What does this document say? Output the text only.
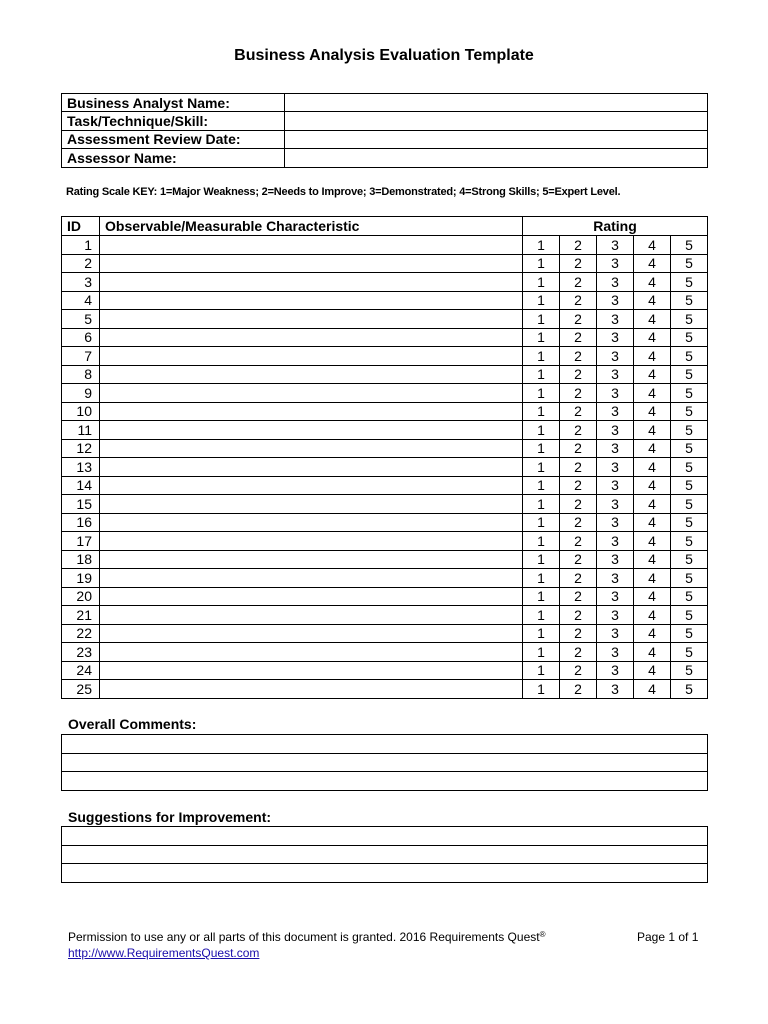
Business Analysis Evaluation Template
Business Analyst Name:	
Task/Technique/Skill:	
Assessment Review Date:	
Assessor Name:	
Rating Scale KEY: 1=Major Weakness; 2=Needs to Improve; 3=Demonstrated; 4=Strong Skills; 5=Expert Level.
ID	Observable/Measurable Characteristic	Rating				
1		1	2	3	4	5
2		1	2	3	4	5
3		1	2	3	4	5
4		1	2	3	4	5
5		1	2	3	4	5
6		1	2	3	4	5
7		1	2	3	4	5
8		1	2	3	4	5
9		1	2	3	4	5
10		1	2	3	4	5
11		1	2	3	4	5
12		1	2	3	4	5
13		1	2	3	4	5
14		1	2	3	4	5
15		1	2	3	4	5
16		1	2	3	4	5
17		1	2	3	4	5
18		1	2	3	4	5
19		1	2	3	4	5
20		1	2	3	4	5
21		1	2	3	4	5
22		1	2	3	4	5
23		1	2	3	4	5
24		1	2	3	4	5
25		1	2	3	4	5
Overall Comments:

Suggestions for Improvement:

Permission to use any or all parts of this document is granted. 2016 Requirements Quest®
http://www.RequirementsQuest.com
Page 1 of 1
